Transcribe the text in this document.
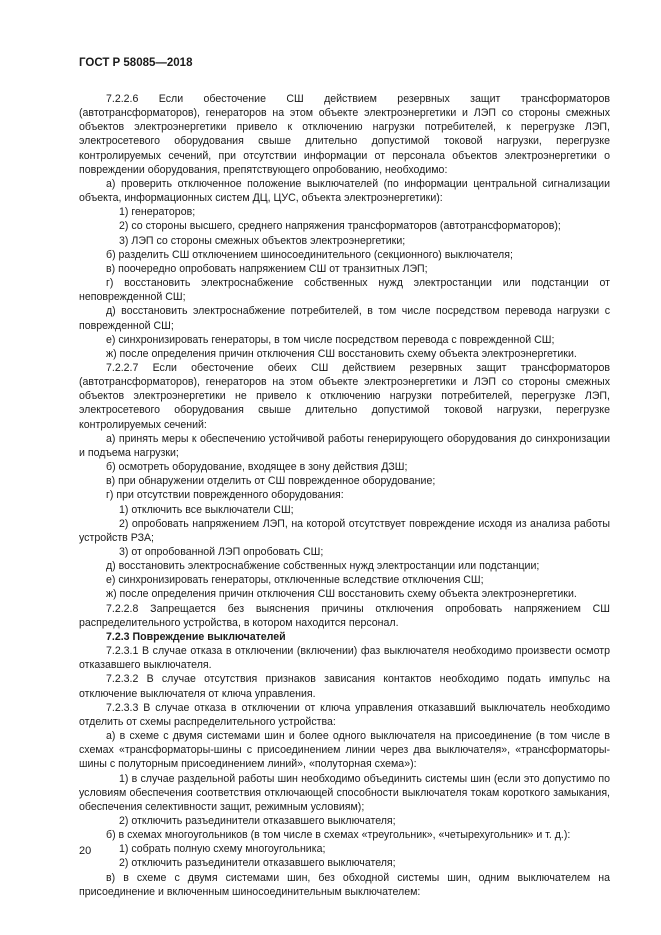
ГОСТ Р 58085—2018

7.2.2.6 Если обесточение СШ действием резервных защит трансформаторов (автотрансформаторов), генераторов на этом объекте электроэнергетики и ЛЭП со стороны смежных объектов электроэнергетики привело к отключению нагрузки потребителей, к перегрузке ЛЭП, электросетевого оборудования свыше длительно допустимой токовой нагрузки, перегрузке контролируемых сечений, при отсутствии информации от персонала объектов электроэнергетики о повреждении оборудования, препятствующего опробованию, необходимо:

а) проверить отключенное положение выключателей (по информации центральной сигнализации объекта, информационных систем ДЦ, ЦУС, объекта электроэнергетики):

1) генераторов;

2) со стороны высшего, среднего напряжения трансформаторов (автотрансформаторов);

3) ЛЭП со стороны смежных объектов электроэнергетики;

б) разделить СШ отключением шиносоединительного (секционного) выключателя;

в) поочередно опробовать напряжением СШ от транзитных ЛЭП;

г) восстановить электроснабжение собственных нужд электростанции или подстанции от неповрежденной СШ;

д) восстановить электроснабжение потребителей, в том числе посредством перевода нагрузки с поврежденной СШ;

е) синхронизировать генераторы, в том числе посредством перевода с поврежденной СШ;

ж) после определения причин отключения СШ восстановить схему объекта электроэнергетики.

7.2.2.7 Если обесточение обеих СШ действием резервных защит трансформаторов (автотрансформаторов), генераторов на этом объекте электроэнергетики и ЛЭП со стороны смежных объектов электроэнергетики не привело к отключению нагрузки потребителей, перегрузке ЛЭП, электросетевого оборудования свыше длительно допустимой токовой нагрузки, перегрузке контролируемых сечений:

а) принять меры к обеспечению устойчивой работы генерирующего оборудования до синхронизации и подъема нагрузки;

б) осмотреть оборудование, входящее в зону действия ДЗШ;

в) при обнаружении отделить от СШ поврежденное оборудование;

г) при отсутствии поврежденного оборудования:

1) отключить все выключатели СШ;

2) опробовать напряжением ЛЭП, на которой отсутствует повреждение исходя из анализа работы устройств РЗА;

3) от опробованной ЛЭП опробовать СШ;

д) восстановить электроснабжение собственных нужд электростанции или подстанции;

е) синхронизировать генераторы, отключенные вследствие отключения СШ;

ж) после определения причин отключения СШ восстановить схему объекта электроэнергетики.

7.2.2.8 Запрещается без выяснения причины отключения опробовать напряжением СШ распределительного устройства, в котором находится персонал.

7.2.3 Повреждение выключателей

7.2.3.1 В случае отказа в отключении (включении) фаз выключателя необходимо произвести осмотр отказавшего выключателя.

7.2.3.2 В случае отсутствия признаков зависания контактов необходимо подать импульс на отключение выключателя от ключа управления.

7.2.3.3 В случае отказа в отключении от ключа управления отказавший выключатель необходимо отделить от схемы распределительного устройства:

а) в схеме с двумя системами шин и более одного выключателя на присоединение (в том числе в схемах «трансформаторы-шины с присоединением линии через два выключателя», «трансформаторы-шины с полуторным присоединением линий», «полуторная схема»):

1) в случае раздельной работы шин необходимо объединить системы шин (если это допустимо по условиям обеспечения соответствия отключающей способности выключателя токам короткого замыкания, обеспечения селективности защит, режимным условиям);

2) отключить разъединители отказавшего выключателя;

б) в схемах многоугольников (в том числе в схемах «треугольник», «четырехугольник» и т. д.):

1) собрать полную схему многоугольника;

2) отключить разъединители отказавшего выключателя;

в) в схеме с двумя системами шин, без обходной системы шин, одним выключателем на присоединение и включенным шиносоединительным выключателем:

20
